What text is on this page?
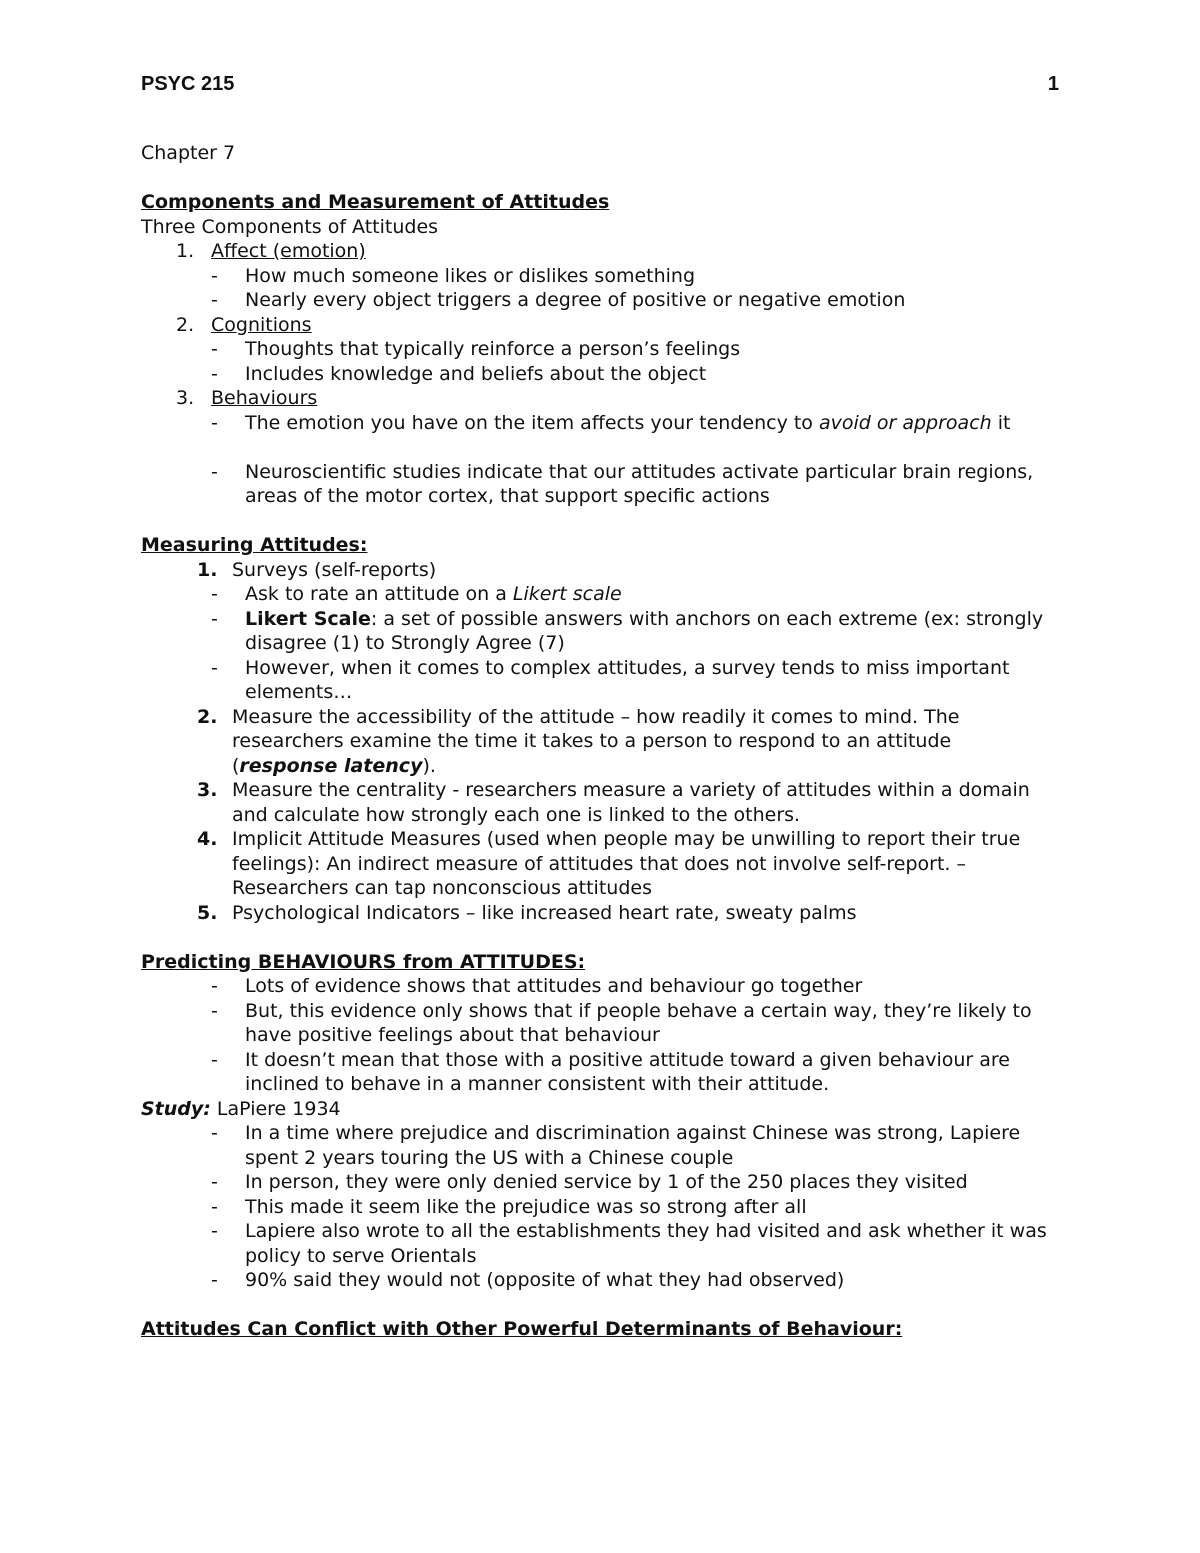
PSYC 215	1

Chapter 7

Components and Measurement of Attitudes

Three Components of Attitudes

1. Affect (emotion)

-	How much someone likes or dislikes something

-	Nearly every object triggers a degree of positive or negative emotion

2. Cognitions

-	Thoughts that typically reinforce a person’s feelings

-	Includes knowledge and beliefs about the object

3. Behaviours

-	The emotion you have on the item affects your tendency to avoid or approach it

-	Neuroscientific studies indicate that our attitudes activate particular brain regions, areas of the motor cortex, that support specific actions

Measuring Attitudes:

1. Surveys (self-reports)

-	Ask to rate an attitude on a Likert scale

-	Likert Scale: a set of possible answers with anchors on each extreme (ex: strongly disagree (1) to Strongly Agree (7)

-	However, when it comes to complex attitudes, a survey tends to miss important elements…

2. Measure the accessibility of the attitude – how readily it comes to mind. The researchers examine the time it takes to a person to respond to an attitude (response latency).

3. Measure the centrality - researchers measure a variety of attitudes within a domain and calculate how strongly each one is linked to the others.

4. Implicit Attitude Measures (used when people may be unwilling to report their true feelings): An indirect measure of attitudes that does not involve self-report. – Researchers can tap nonconscious attitudes

5. Psychological Indicators – like increased heart rate, sweaty palms

Predicting BEHAVIOURS from ATTITUDES:

-	Lots of evidence shows that attitudes and behaviour go together

-	But, this evidence only shows that if people behave a certain way, they’re likely to have positive feelings about that behaviour

-	It doesn’t mean that those with a positive attitude toward a given behaviour are inclined to behave in a manner consistent with their attitude.

Study: LaPiere 1934

-	In a time where prejudice and discrimination against Chinese was strong, Lapiere spent 2 years touring the US with a Chinese couple

-	In person, they were only denied service by 1 of the 250 places they visited

-	This made it seem like the prejudice was so strong after all

-	Lapiere also wrote to all the establishments they had visited and ask whether it was policy to serve Orientals

-	90% said they would not (opposite of what they had observed)

Attitudes Can Conflict with Other Powerful Determinants of Behaviour:
